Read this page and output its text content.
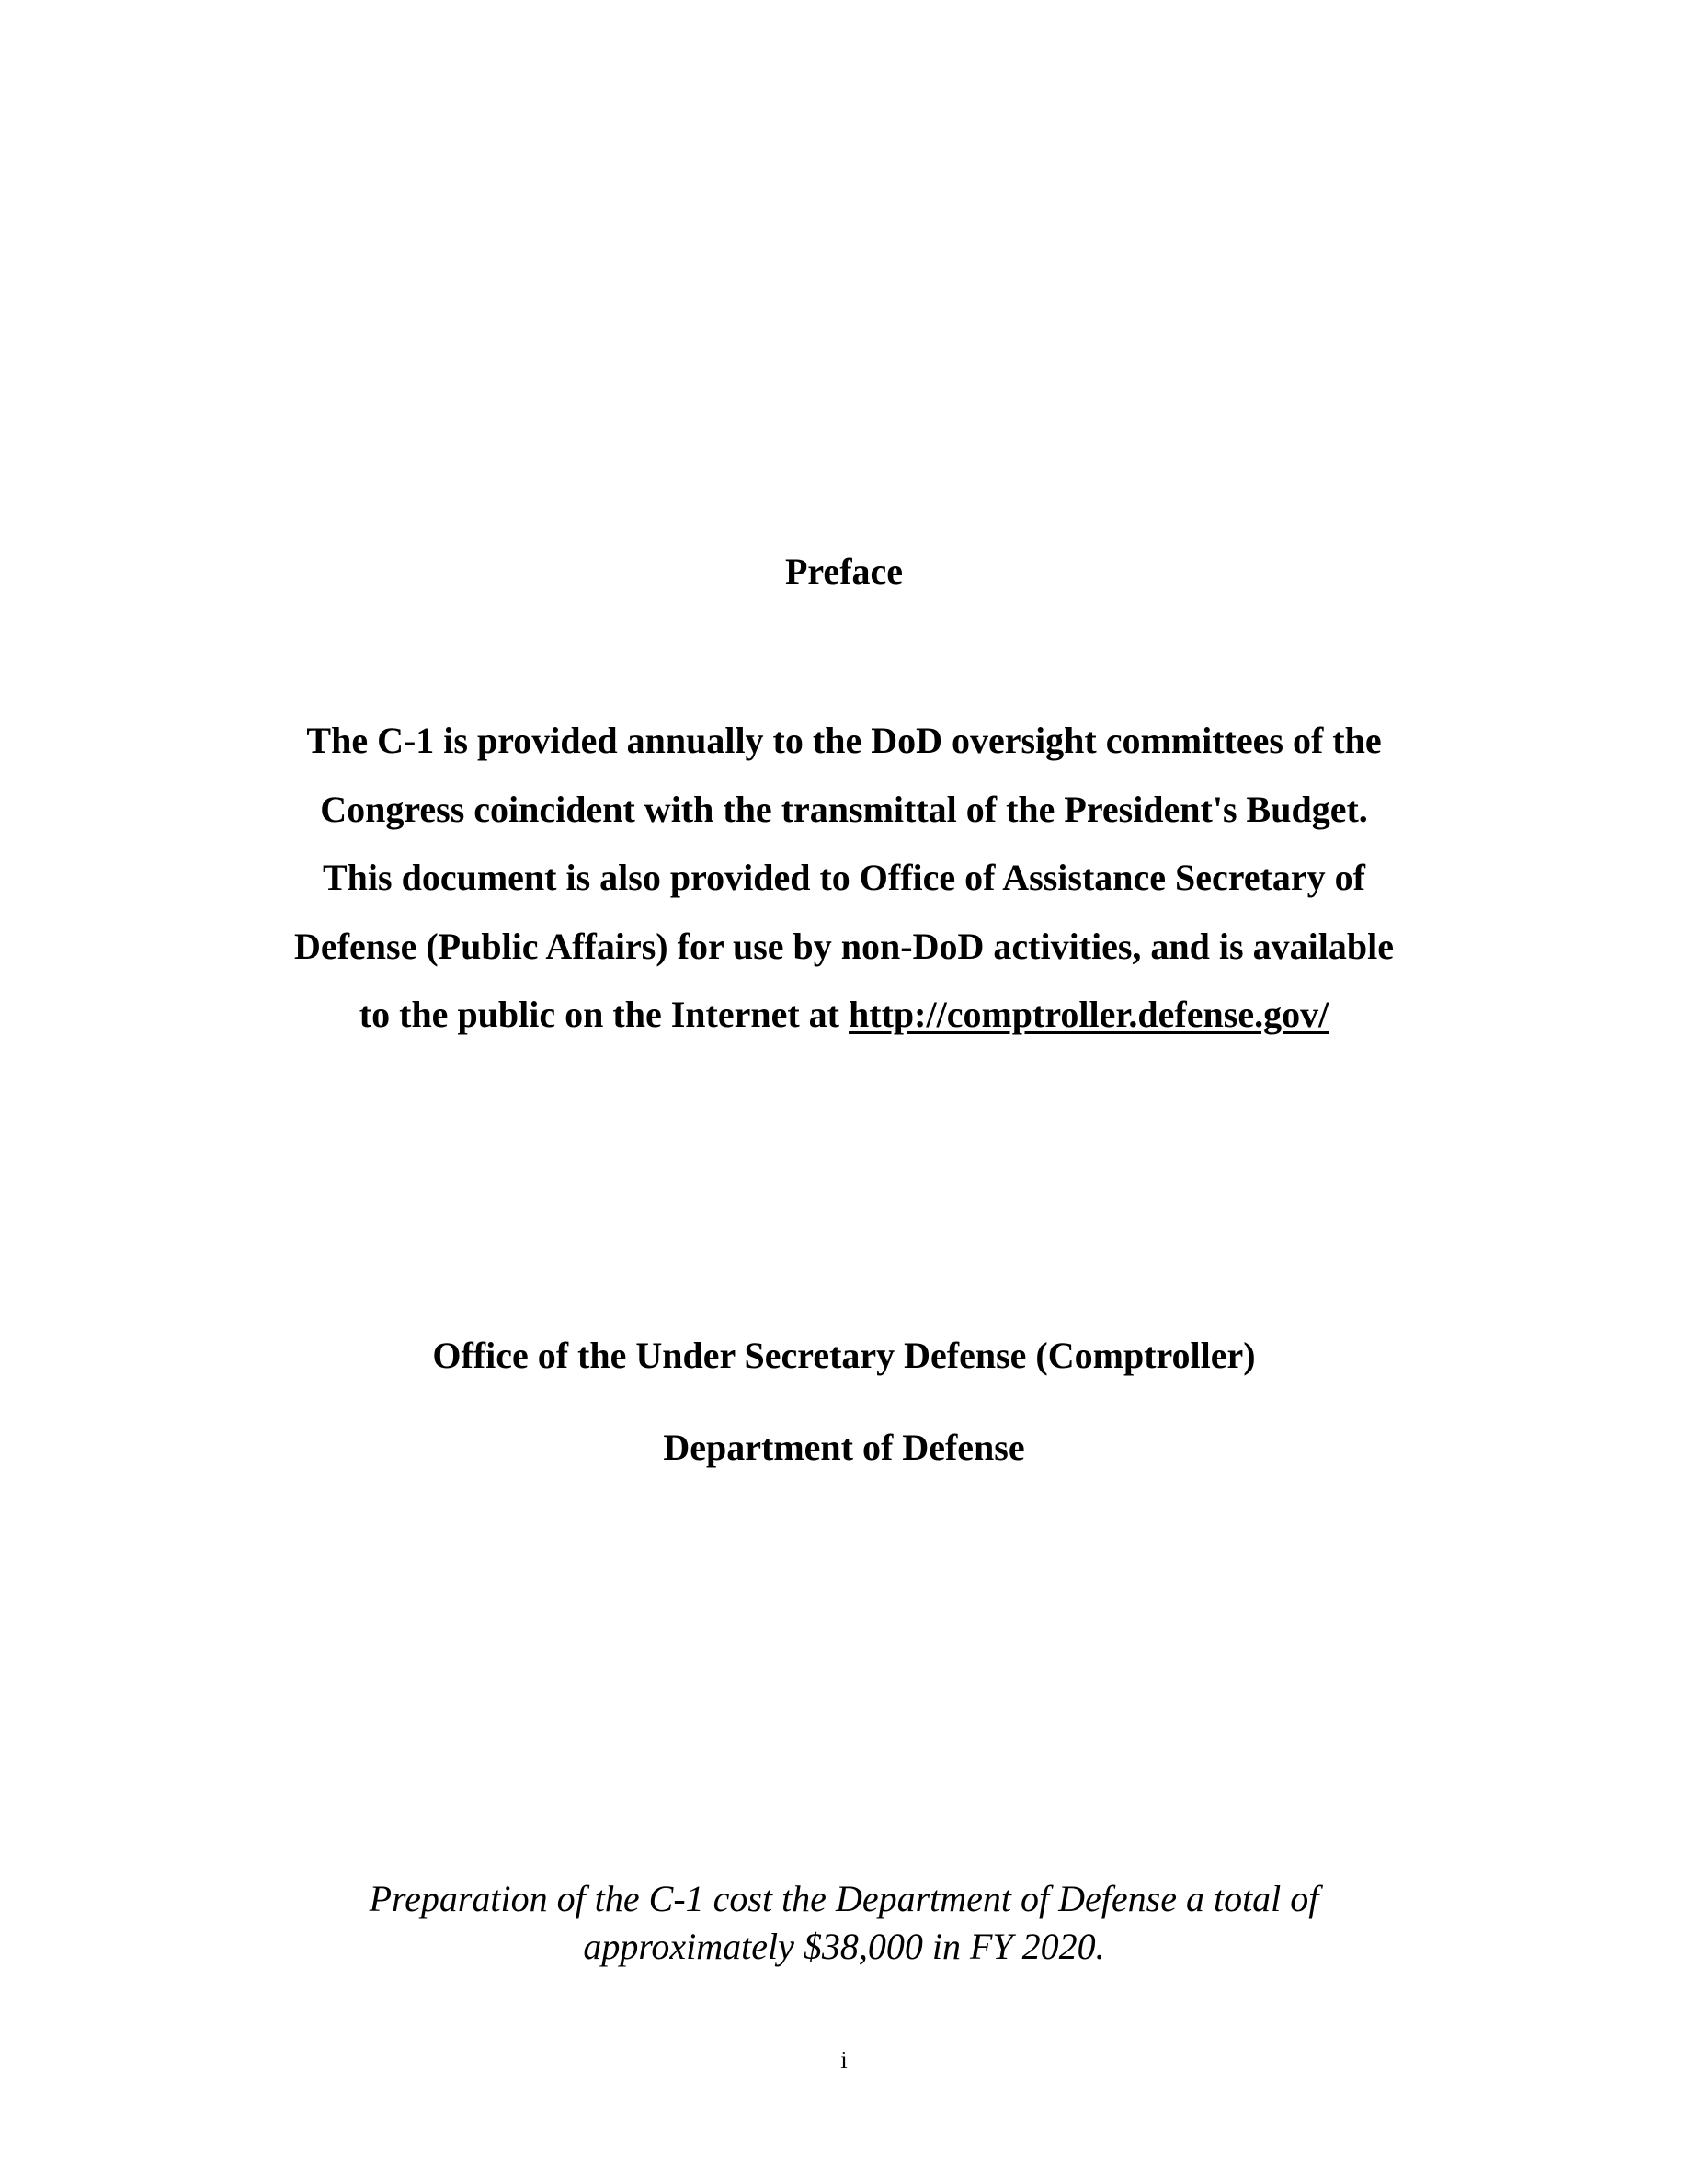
Preface
The C-1 is provided annually to the DoD oversight committees of the
Congress coincident with the transmittal of the President's Budget.
This document is also provided to Office of Assistance Secretary of
Defense (Public Affairs) for use by non-DoD activities, and is available
to the public on the Internet at http://comptroller.defense.gov/
Office of the Under Secretary Defense (Comptroller)
Department of Defense
Preparation of the C-1 cost the Department of Defense a total of
approximately $38,000 in FY 2020.
i
